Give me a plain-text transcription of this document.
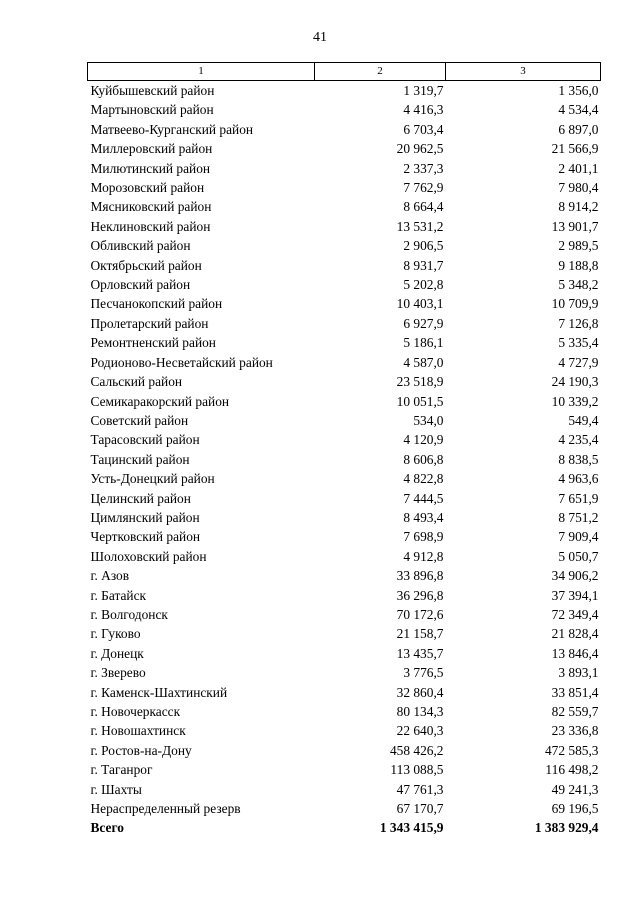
41
1	2	3
Куйбышевский район	1 319,7	1 356,0
Мартыновский район	4 416,3	4 534,4
Матвеево-Курганский район	6 703,4	6 897,0
Миллеровский район	20 962,5	21 566,9
Милютинский район	2 337,3	2 401,1
Морозовский район	7 762,9	7 980,4
Мясниковский район	8 664,4	8 914,2
Неклиновский район	13 531,2	13 901,7
Обливский район	2 906,5	2 989,5
Октябрьский район	8 931,7	9 188,8
Орловский район	5 202,8	5 348,2
Песчанокопский район	10 403,1	10 709,9
Пролетарский район	6 927,9	7 126,8
Ремонтненский район	5 186,1	5 335,4
Родионово-Несветайский район	4 587,0	4 727,9
Сальский район	23 518,9	24 190,3
Семикаракорский район	10 051,5	10 339,2
Советский район	534,0	549,4
Тарасовский район	4 120,9	4 235,4
Тацинский район	8 606,8	8 838,5
Усть-Донецкий район	4 822,8	4 963,6
Целинский район	7 444,5	7 651,9
Цимлянский район	8 493,4	8 751,2
Чертковский район	7 698,9	7 909,4
Шолоховский район	4 912,8	5 050,7
г. Азов	33 896,8	34 906,2
г. Батайск	36 296,8	37 394,1
г. Волгодонск	70 172,6	72 349,4
г. Гуково	21 158,7	21 828,4
г. Донецк	13 435,7	13 846,4
г. Зверево	3 776,5	3 893,1
г. Каменск-Шахтинский	32 860,4	33 851,4
г. Новочеркасск	80 134,3	82 559,7
г. Новошахтинск	22 640,3	23 336,8
г. Ростов-на-Дону	458 426,2	472 585,3
г. Таганрог	113 088,5	116 498,2
г. Шахты	47 761,3	49 241,3
Нераспределенный резерв	67 170,7	69 196,5
Всего	1 343 415,9	1 383 929,4
